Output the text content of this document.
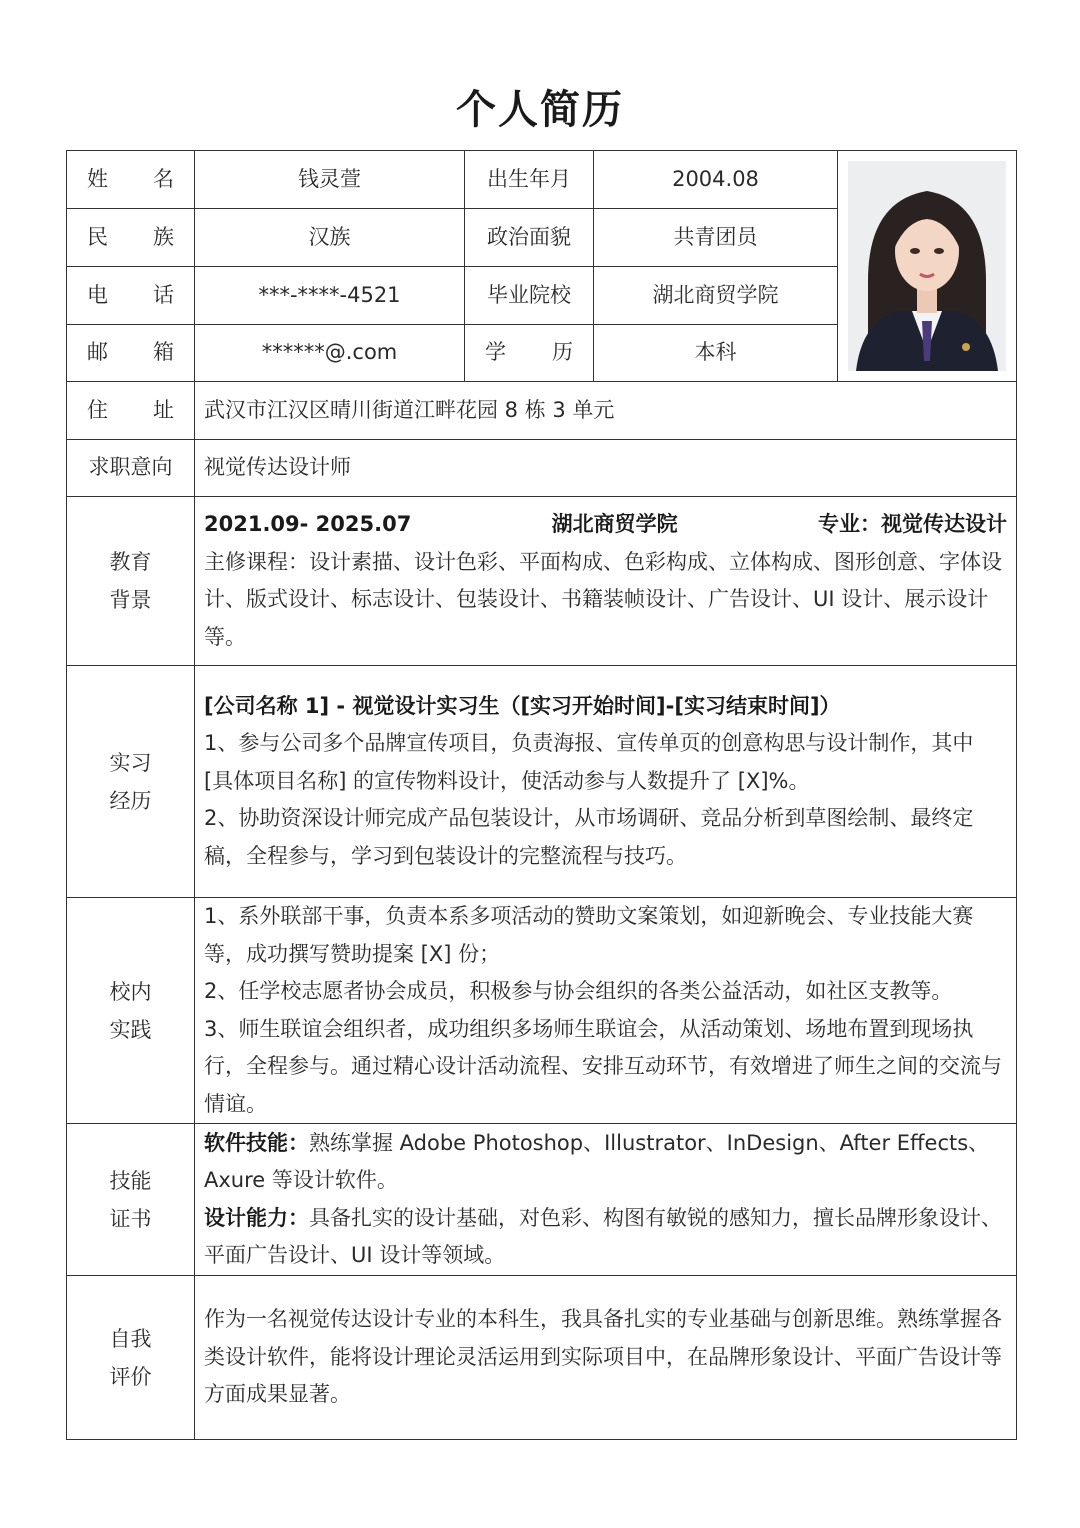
个人简历
姓名	钱灵萱	出生年月	2004.08	

民族	汉族	政治面貌	共青团员	
电话	***-****-4521	毕业院校	湖北商贸学院	
邮箱	******@.com	学历	本科	
住址	武汉市江汉区晴川街道江畔花园 8 栋 3 单元			
求职意向	视觉传达设计师			

教育
背景	2021.09- 2025.07 湖北商贸学院 专业：视觉传达设计
主修课程：设计素描、设计色彩、平面构成、色彩构成、立体构成、图形创意、字体设计、版式设计、标志设计、包装设计、书籍装帧设计、广告设计、UI 设计、展示设计等。			

实习
经历	[公司名称 1] - 视觉设计实习生（[实习开始时间]-[实习结束时间]）
1、参与公司多个品牌宣传项目，负责海报、宣传单页的创意构思与设计制作，其中 [具体项目名称] 的宣传物料设计，使活动参与人数提升了 [X]%。
2、协助资深设计师完成产品包装设计，从市场调研、竞品分析到草图绘制、最终定稿，全程参与，学习到包装设计的完整流程与技巧。			

校内
实践	1、系外联部干事，负责本系多项活动的赞助文案策划，如迎新晚会、专业技能大赛等，成功撰写赞助提案 [X] 份；
2、任学校志愿者协会成员，积极参与协会组织的各类公益活动，如社区支教等。
3、师生联谊会组织者，成功组织多场师生联谊会，从活动策划、场地布置到现场执行，全程参与。通过精心设计活动流程、安排互动环节，有效增进了师生之间的交流与情谊。			

技能
证书	软件技能：熟练掌握 Adobe Photoshop、Illustrator、InDesign、After Effects、Axure 等设计软件。
设计能力：具备扎实的设计基础，对色彩、构图有敏锐的感知力，擅长品牌形象设计、平面广告设计、UI 设计等领域。			

自我
评价	作为一名视觉传达设计专业的本科生，我具备扎实的专业基础与创新思维。熟练掌握各类设计软件，能将设计理论灵活运用到实际项目中，在品牌形象设计、平面广告设计等方面成果显著。			
